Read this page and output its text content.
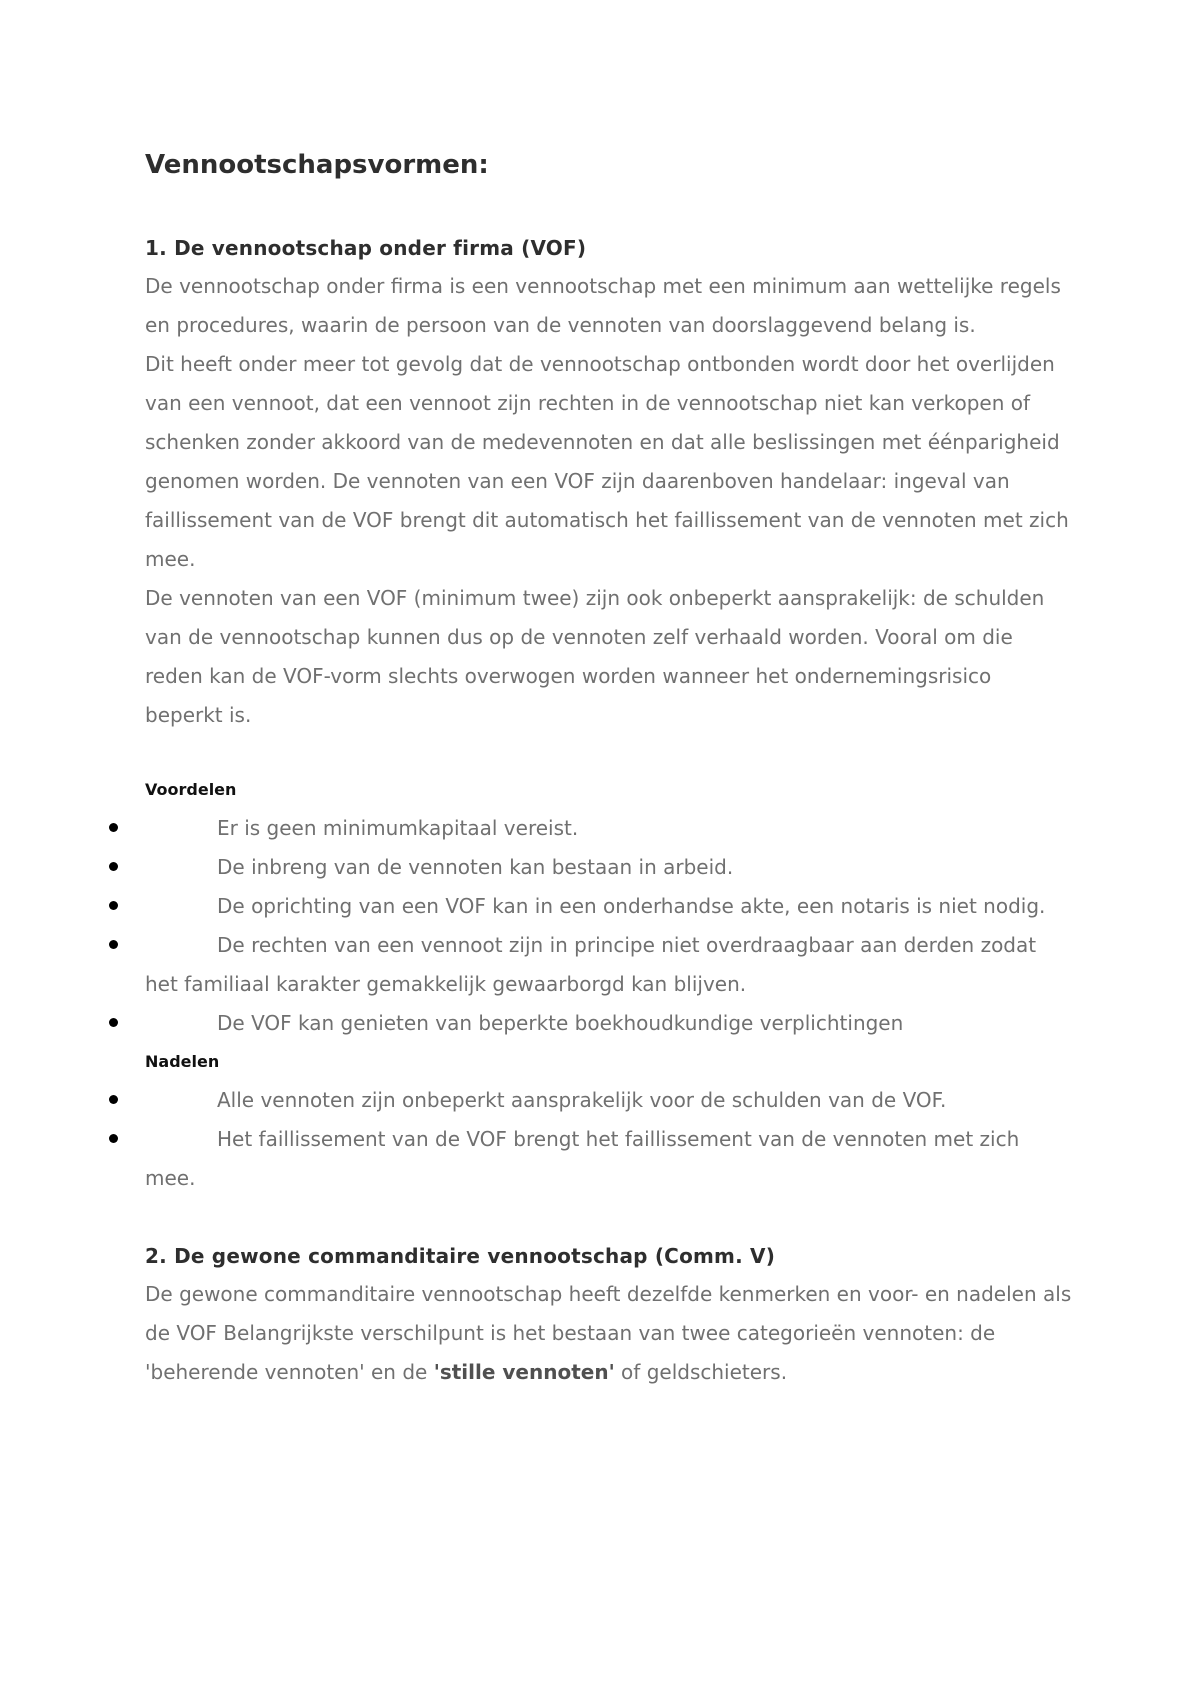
Vennootschapsvormen:
1. De vennootschap onder firma (VOF)

De vennootschap onder firma is een vennootschap met een minimum aan wettelijke regels en procedures, waarin de persoon van de vennoten van doorslaggevend belang is.

Dit heeft onder meer tot gevolg dat de vennootschap ontbonden wordt door het overlijden van een vennoot, dat een vennoot zijn rechten in de vennootschap niet kan verkopen of schenken zonder akkoord van de medevennoten en dat alle beslissingen met éénparigheid genomen worden. De vennoten van een VOF zijn daarenboven handelaar: ingeval van faillissement van de VOF brengt dit automatisch het faillissement van de vennoten met zich mee.

De vennoten van een VOF (minimum twee) zijn ook onbeperkt aansprakelijk: de schulden van de vennootschap kunnen dus op de vennoten zelf verhaald worden. Vooral om die reden kan de VOF-vorm slechts overwogen worden wanneer het ondernemingsrisico beperkt is.

Voordelen
Er is geen minimumkapitaal vereist.
De inbreng van de vennoten kan bestaan in arbeid.
De oprichting van een VOF kan in een onderhandse akte, een notaris is niet nodig.
De rechten van een vennoot zijn in principe niet overdraagbaar aan derden zodat het familiaal karakter gemakkelijk gewaarborgd kan blijven.
De VOF kan genieten van beperkte boekhoudkundige verplichtingen
Nadelen
Alle vennoten zijn onbeperkt aansprakelijk voor de schulden van de VOF.
Het faillissement van de VOF brengt het faillissement van de vennoten met zich mee.
2. De gewone commanditaire vennootschap (Comm. V)

De gewone commanditaire vennootschap heeft dezelfde kenmerken en voor- en nadelen als de VOF Belangrijkste verschilpunt is het bestaan van twee categorieën vennoten: de 'beherende vennoten' en de 'stille vennoten' of geldschieters.
